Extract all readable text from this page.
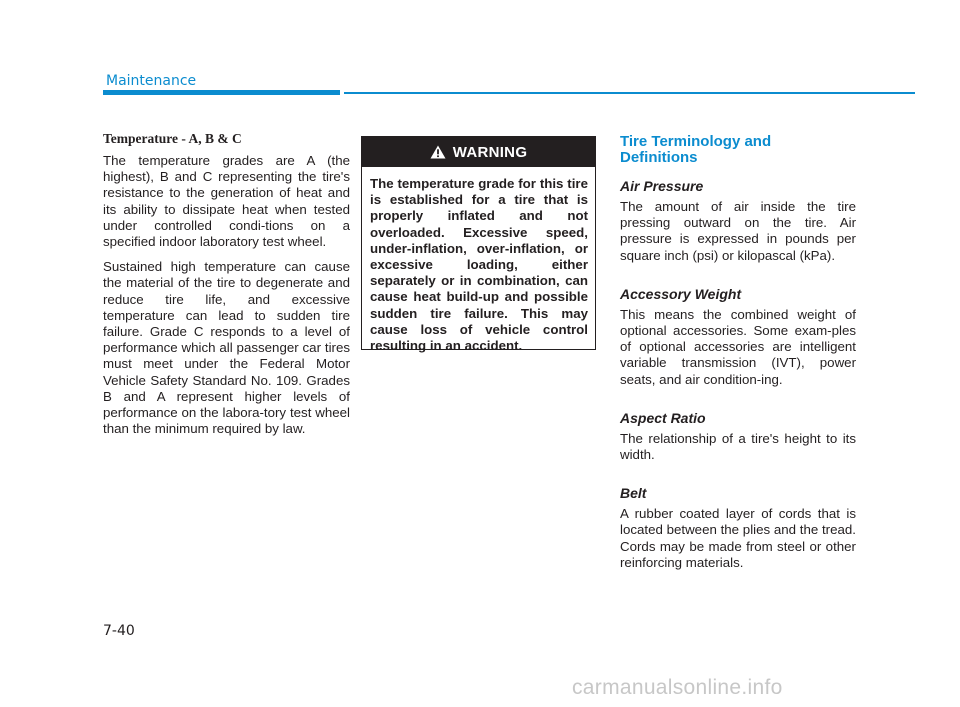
Maintenance
Temperature - A, B & C

The temperature grades are A (the highest), B and C representing the tire's resistance to the generation of heat and its ability to dissipate heat when tested under controlled condi-tions on a specified indoor laboratory test wheel.

Sustained high temperature can cause the material of the tire to degenerate and reduce tire life, and excessive temperature can lead to sudden tire failure. Grade C responds to a level of performance which all passenger car tires must meet under the Federal Motor Vehicle Safety Standard No. 109. Grades B and A represent higher levels of performance on the labora-tory test wheel than the minimum required by law.

WARNING
The temperature grade for this tire is established for a tire that is properly inflated and not overloaded. Excessive speed, under-inflation, over-inflation, or excessive loading, either separately or in combination, can cause heat build-up and possible sudden tire failure. This may cause loss of vehicle control resulting in an accident.
Tire Terminology and
Definitions
Air Pressure

The amount of air inside the tire pressing outward on the tire. Air pressure is expressed in pounds per square inch (psi) or kilopascal (kPa).

Accessory Weight

This means the combined weight of optional accessories. Some exam-ples of optional accessories are intelligent variable transmission (IVT), power seats, and air condition-ing.

Aspect Ratio

The relationship of a tire's height to its width.

Belt

A rubber coated layer of cords that is located between the plies and the tread. Cords may be made from steel or other reinforcing materials.

7-40
carmanualsonline.info
